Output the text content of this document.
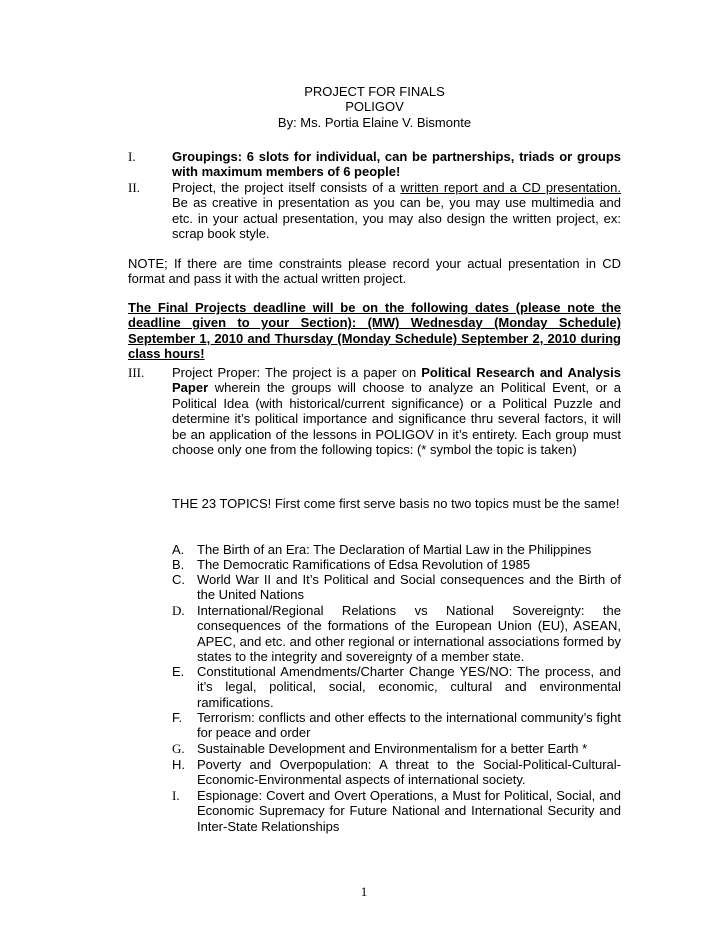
PROJECT FOR FINALS
POLIGOV
By: Ms. Portia Elaine V. Bismonte
I.	Groupings: 6 slots for individual, can be partnerships, triads or groups with maximum members of 6 people!
II. Project, the project itself consists of a written report and a CD presentation. Be as creative in presentation as you can be, you may use multimedia and etc. in your actual presentation, you may also design the written project, ex: scrap book style.
NOTE; If there are time constraints please record your actual presentation in CD format and pass it with the actual written project.
The Final Projects deadline will be on the following dates (please note the deadline given to your Section): (MW) Wednesday (Monday Schedule) September 1, 2010 and Thursday (Monday Schedule) September 2, 2010 during class hours!
III. Project Proper: The project is a paper on Political Research and Analysis Paper wherein the groups will choose to analyze an Political Event, or a Political Idea (with historical/current significance) or a Political Puzzle and determine it’s political importance and significance thru several factors, it will be an application of the lessons in POLIGOV in it’s entirety. Each group must choose only one from the following topics: (* symbol the topic is taken)
THE 23 TOPICS! First come first serve basis no two topics must be the same!
A. The Birth of an Era: The Declaration of Martial Law in the Philippines
B. The Democratic Ramifications of Edsa Revolution of 1985
C. World War II and It’s Political and Social consequences and the Birth of the United Nations
D. International/Regional Relations vs National Sovereignty: the consequences of the formations of the European Union (EU), ASEAN, APEC, and etc. and other regional or international associations formed by states to the integrity and sovereignty of a member state.
E. Constitutional Amendments/Charter Change YES/NO: The process, and it’s legal, political, social, economic, cultural and environmental ramifications.
F.	Terrorism: conflicts and other effects to the international community’s fight for peace and order
G. Sustainable Development and Environmentalism for a better Earth *
H. Poverty and Overpopulation: A threat to the Social-Political-Cultural-Economic-Environmental aspects of international society.
I.	Espionage: Covert and Overt Operations, a Must for Political, Social, and Economic Supremacy for Future National and International Security and Inter-State Relationships
1
